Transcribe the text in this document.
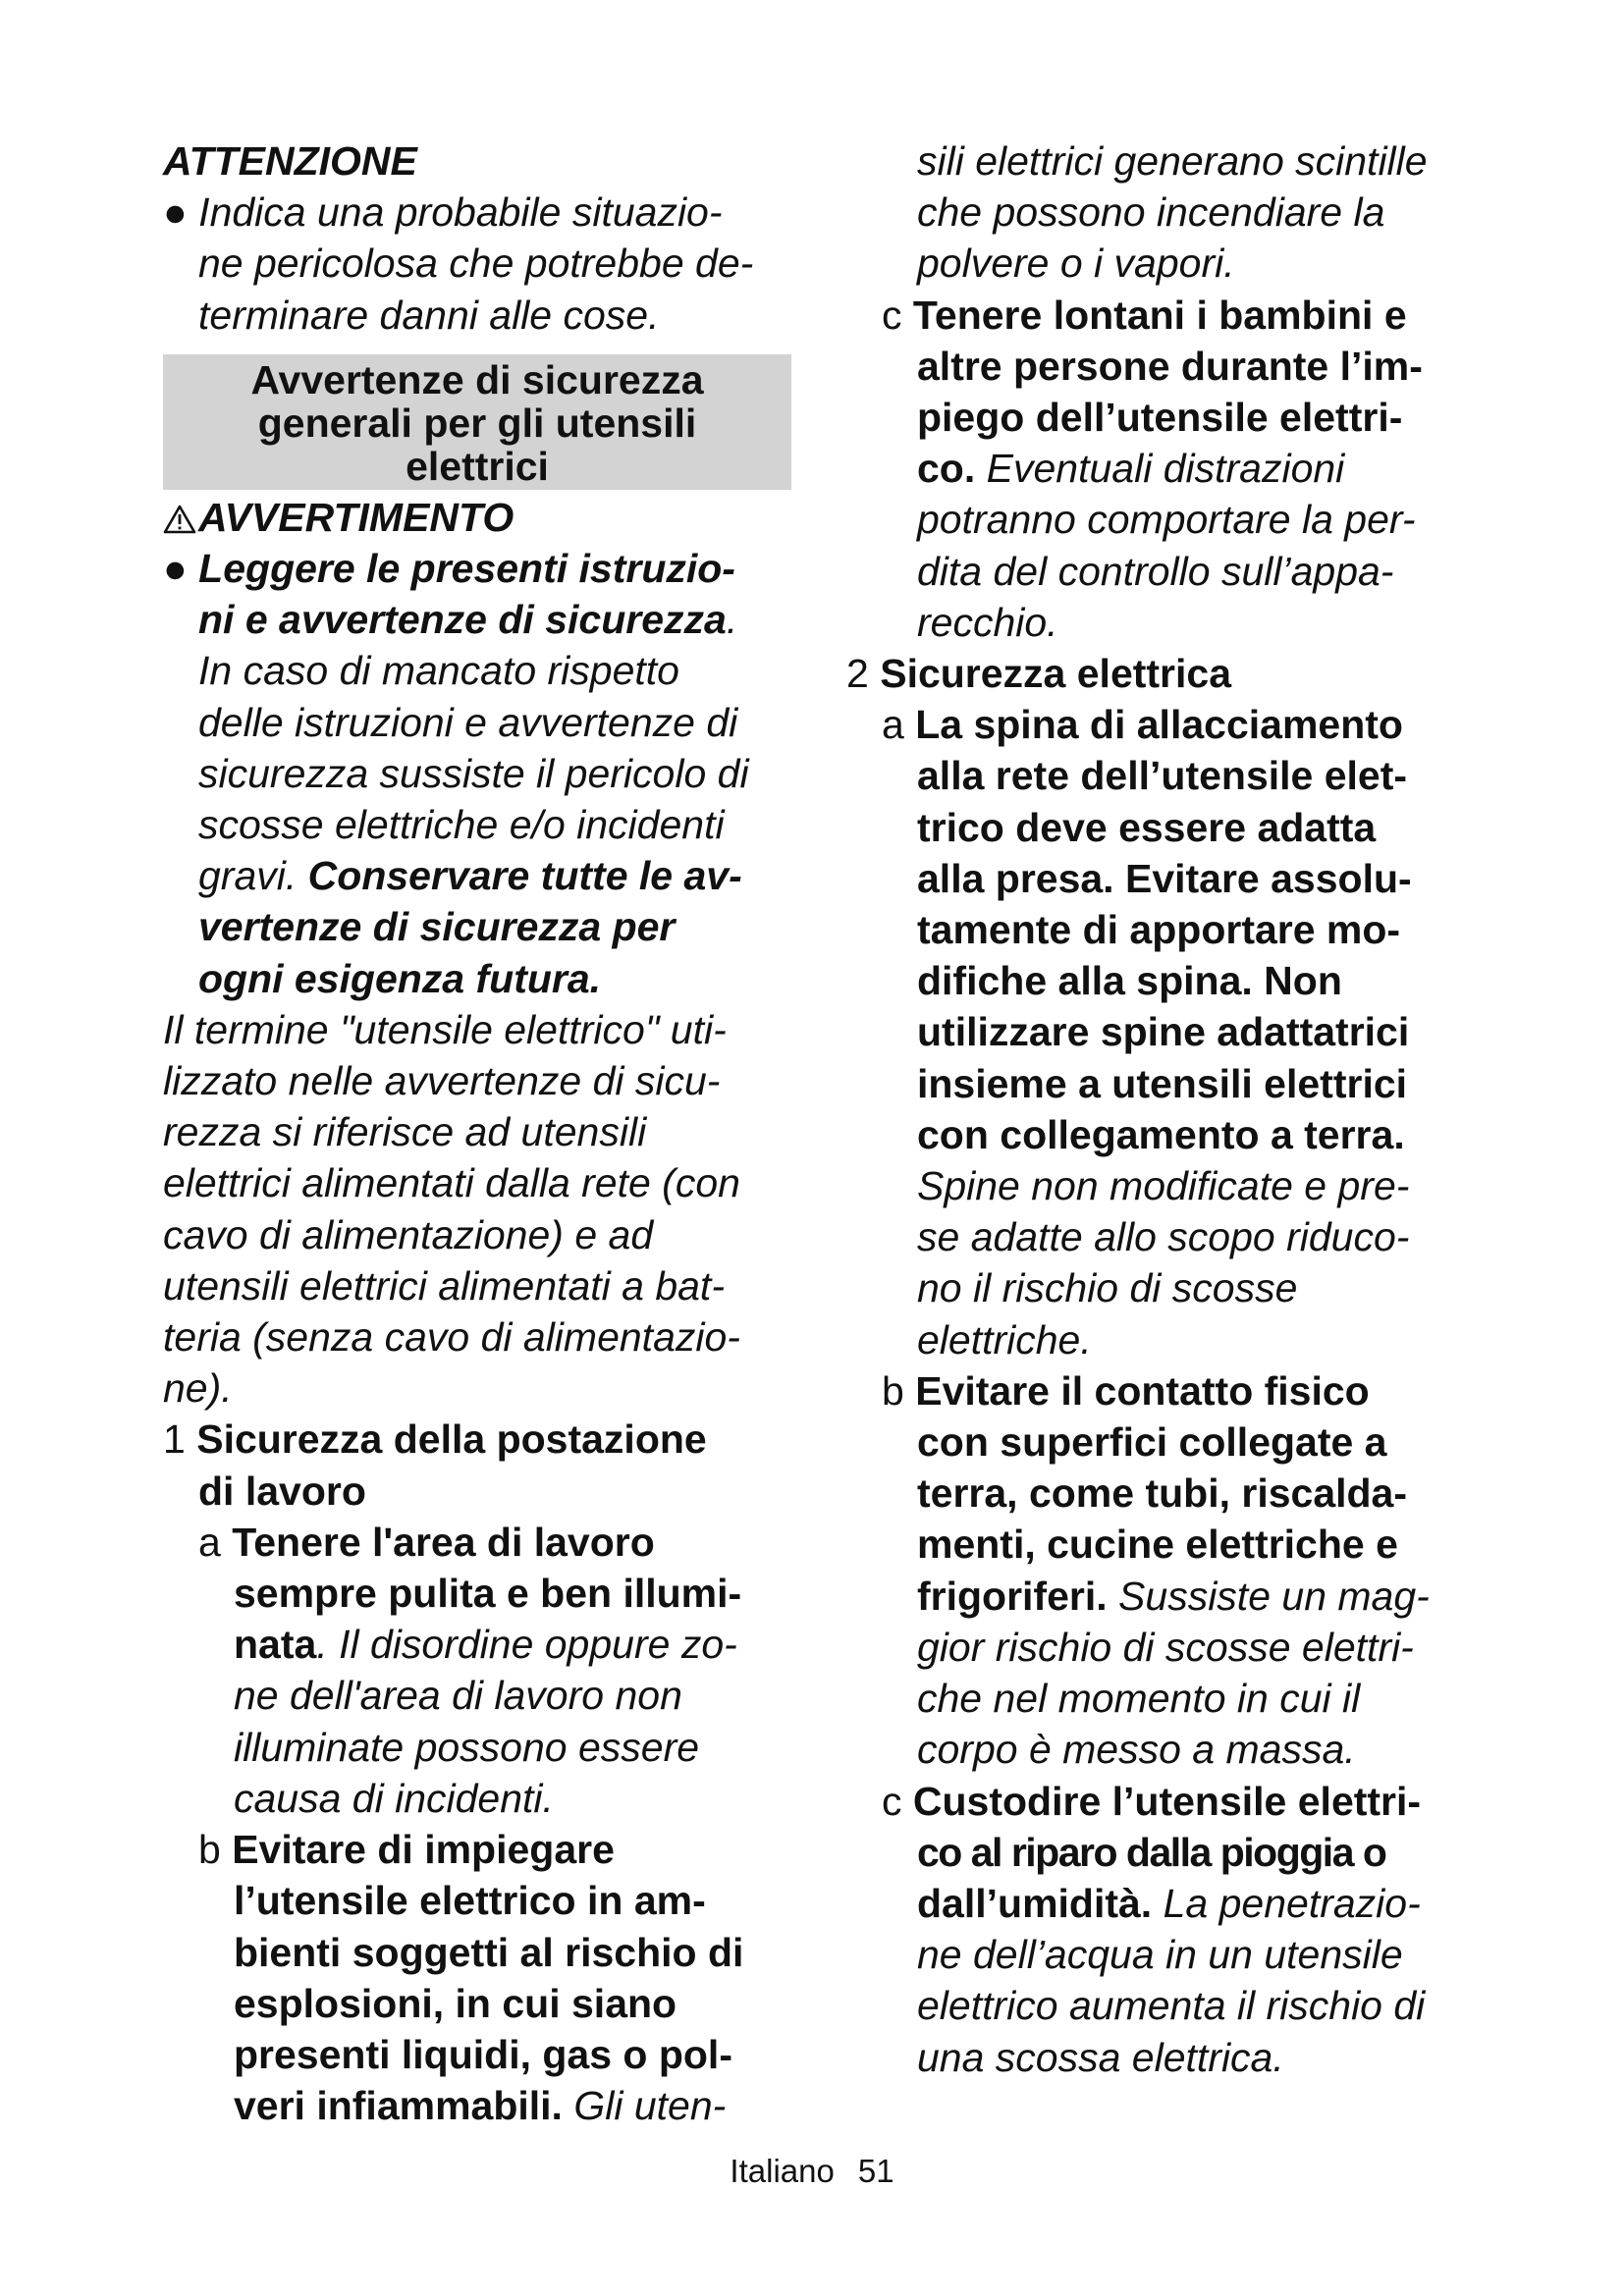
ATTENZIONE

● Indica una probabile situazio-

ne pericolosa che potrebbe de-

terminare danni alle cose.

Avvertenze di sicurezza
generali per gli utensili
elettrici

AVVERTIMENTO

● Leggere le presenti istruzio-

ni e avvertenze di sicurezza.

In caso di mancato rispetto

delle istruzioni e avvertenze di

sicurezza sussiste il pericolo di

scosse elettriche e/o incidenti

gravi. Conservare tutte le av-

vertenze di sicurezza per

ogni esigenza futura.

Il termine "utensile elettrico" uti-

lizzato nelle avvertenze di sicu-

rezza si riferisce ad utensili

elettrici alimentati dalla rete (con

cavo di alimentazione) e ad

utensili elettrici alimentati a bat-

teria (senza cavo di alimentazio-

ne).

1 Sicurezza della postazione

di lavoro

a Tenere l'area di lavoro

sempre pulita e ben illumi-

nata. Il disordine oppure zo-

ne dell'area di lavoro non

illuminate possono essere

causa di incidenti.

b Evitare di impiegare

l’utensile elettrico in am-

bienti soggetti al rischio di

esplosioni, in cui siano

presenti liquidi, gas o pol-

veri infiammabili. Gli uten-

sili elettrici generano scintille

che possono incendiare la

polvere o i vapori.

c Tenere lontani i bambini e

altre persone durante l’im-

piego dell’utensile elettri-

co. Eventuali distrazioni

potranno comportare la per-

dita del controllo sull’appa-

recchio.

2 Sicurezza elettrica

a La spina di allacciamento

alla rete dell’utensile elet-

trico deve essere adatta

alla presa. Evitare assolu-

tamente di apportare mo-

difiche alla spina. Non

utilizzare spine adattatrici

insieme a utensili elettrici

con collegamento a terra.

Spine non modificate e pre-

se adatte allo scopo riduco-

no il rischio di scosse

elettriche.

b Evitare il contatto fisico

con superfici collegate a

terra, come tubi, riscalda-

menti, cucine elettriche e

frigoriferi. Sussiste un mag-

gior rischio di scosse elettri-

che nel momento in cui il

corpo è messo a massa.

c Custodire l’utensile elettri-

co al riparo dalla pioggia o

dall’umidità. La penetrazio-

ne dell’acqua in un utensile

elettrico aumenta il rischio di

una scossa elettrica.

Italiano 51
